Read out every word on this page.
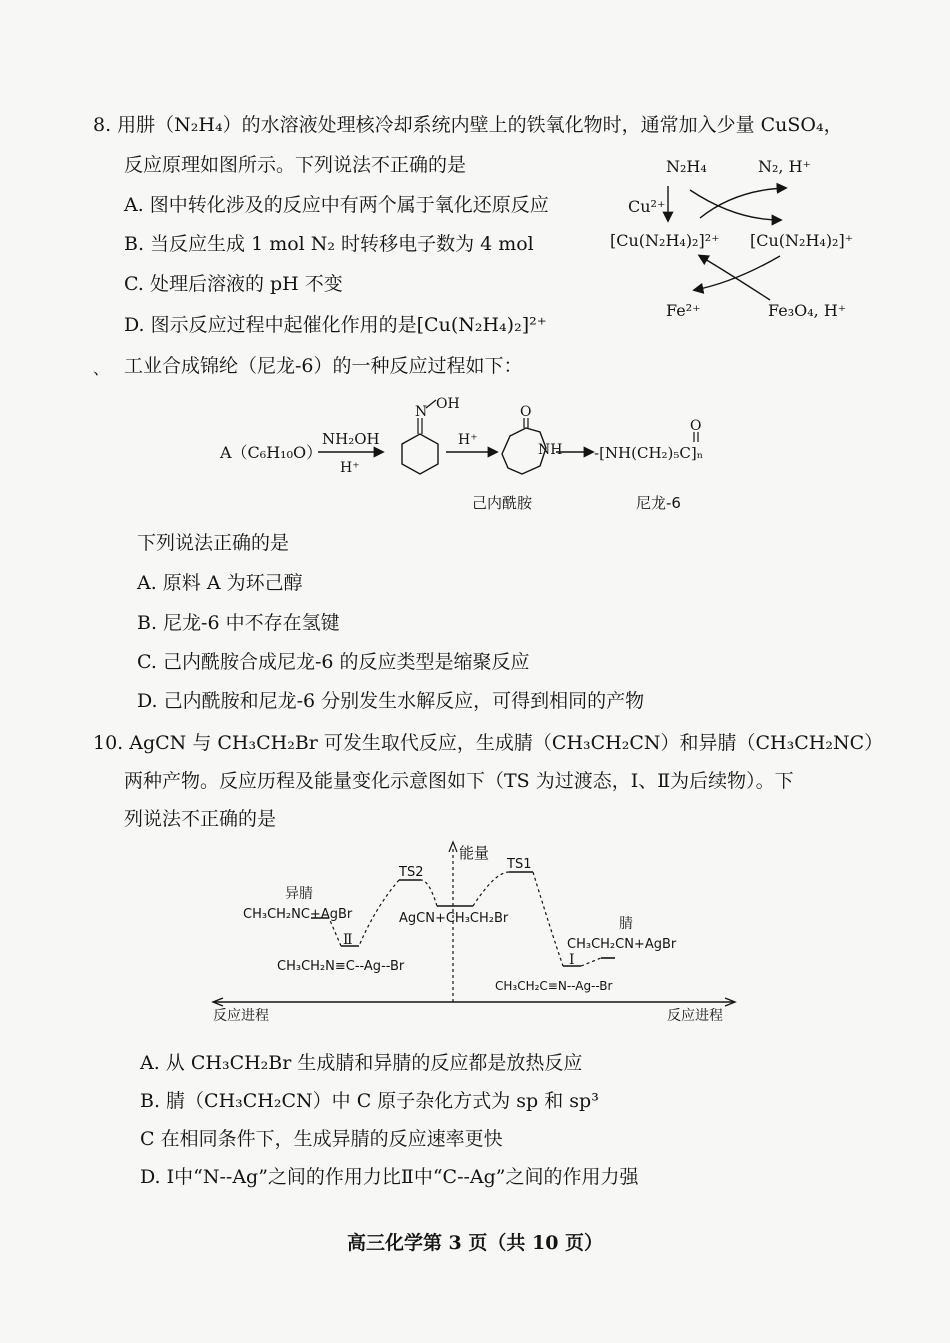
8. 用肼（N₂H₄）的水溶液处理核冷却系统内壁上的铁氧化物时，通常加入少量 CuSO₄，
反应原理如图所示。下列说法不正确的是
A. 图中转化涉及的反应中有两个属于氧化还原反应
B. 当反应生成 1 mol N₂ 时转移电子数为 4 mol
C. 处理后溶液的 pH 不变
D. 图示反应过程中起催化作用的是[Cu(N₂H₄)₂]²⁺
N₂H₄	N₂, H⁺
Cu²⁺
[Cu(N₂H₄)₂]²⁺ [Cu(N₂H₄)₂]⁺
Fe²⁺	Fe₃O₄, H⁺
、 工业合成锦纶（尼龙-6）的一种反应过程如下：
A（C₆H₁₀O）
NH₂OH
H⁺
N OH
H⁺
O
NH -[NH(CH₂)₅C]ₙ
O
己内酰胺	尼龙-6
下列说法正确的是
A. 原料 A 为环己醇
B. 尼龙-6 中不存在氢键
C. 己内酰胺合成尼龙-6 的反应类型是缩聚反应
D. 己内酰胺和尼龙-6 分别发生水解反应，可得到相同的产物
10. AgCN 与 CH₃CH₂Br 可发生取代反应，生成腈（CH₃CH₂CN）和异腈（CH₃CH₂NC）
两种产物。反应历程及能量变化示意图如下（TS 为过渡态，Ⅰ、Ⅱ为后续物）。下
列说法不正确的是
能量
TS2
TS1
AgCN+CH₃CH₂Br
异腈
CH₃CH₂NC+AgBr
Ⅱ
CH₃CH₂N≡C--Ag--Br
腈
CH₃CH₂CN+AgBr
Ⅰ
CH₃CH₂C≡N--Ag--Br
反应进程	反应进程
A. 从 CH₃CH₂Br 生成腈和异腈的反应都是放热反应
B. 腈（CH₃CH₂CN）中 C 原子杂化方式为 sp 和 sp³
C 在相同条件下，生成异腈的反应速率更快
D. Ⅰ中“N--Ag”之间的作用力比Ⅱ中“C--Ag”之间的作用力强
高三化学第 3 页（共 10 页）
